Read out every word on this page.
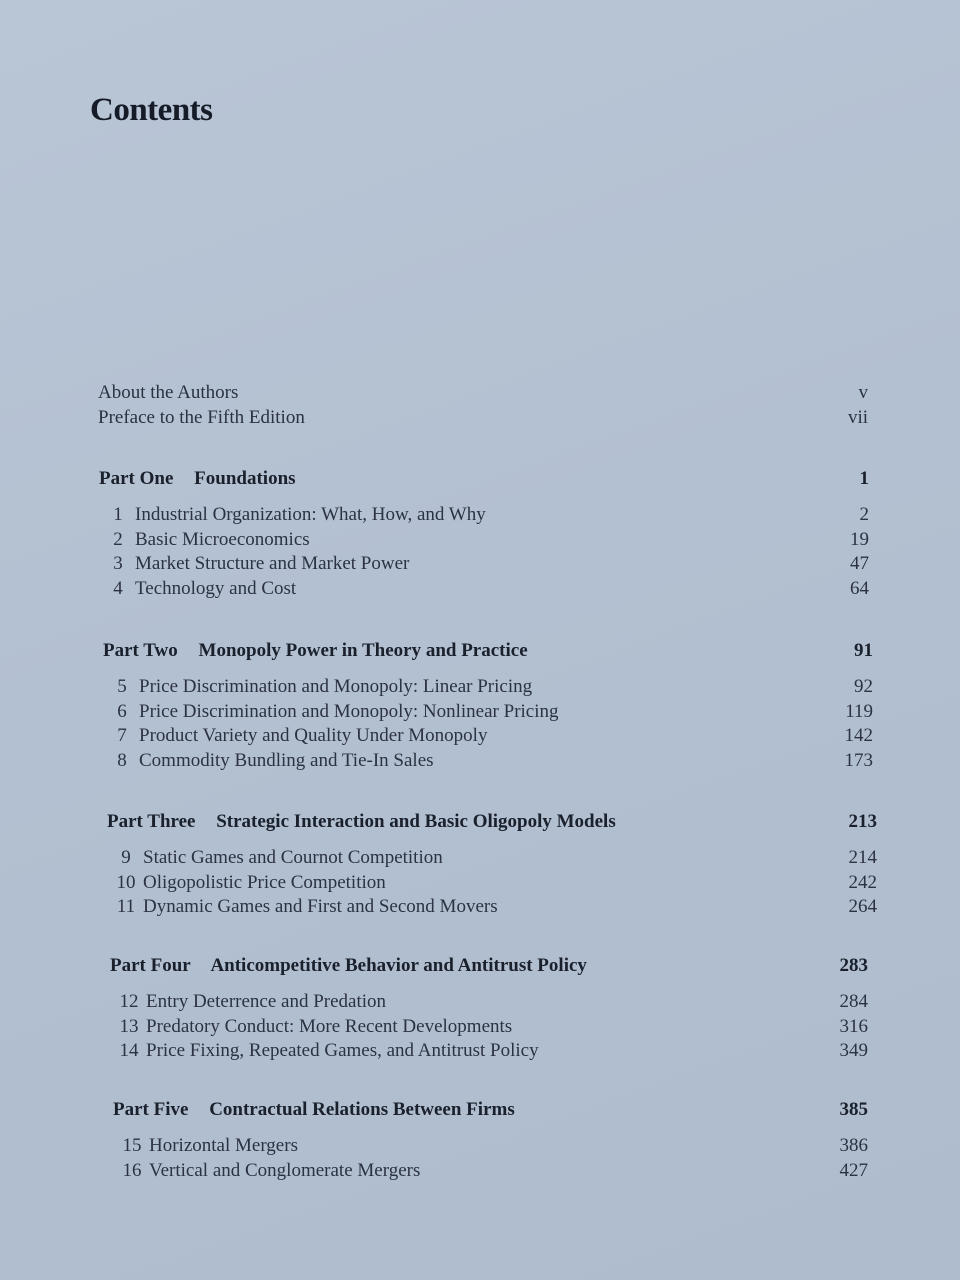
Contents
About the Authors	v
Preface to the Fifth Edition	vii
Part One Foundations	1
1 Industrial Organization: What, How, and Why	2
2 Basic Microeconomics	19
3 Market Structure and Market Power	47
4 Technology and Cost	64
Part Two Monopoly Power in Theory and Practice	91
5 Price Discrimination and Monopoly: Linear Pricing	92
6 Price Discrimination and Monopoly: Nonlinear Pricing	119
7 Product Variety and Quality Under Monopoly	142
8 Commodity Bundling and Tie-In Sales	173
Part Three Strategic Interaction and Basic Oligopoly Models	213
9 Static Games and Cournot Competition	214
10 Oligopolistic Price Competition	242
11 Dynamic Games and First and Second Movers	264
Part Four Anticompetitive Behavior and Antitrust Policy	283
12 Entry Deterrence and Predation	284
13 Predatory Conduct: More Recent Developments	316
14 Price Fixing, Repeated Games, and Antitrust Policy	349
Part Five Contractual Relations Between Firms	385
15 Horizontal Mergers	386
16 Vertical and Conglomerate Mergers	427
